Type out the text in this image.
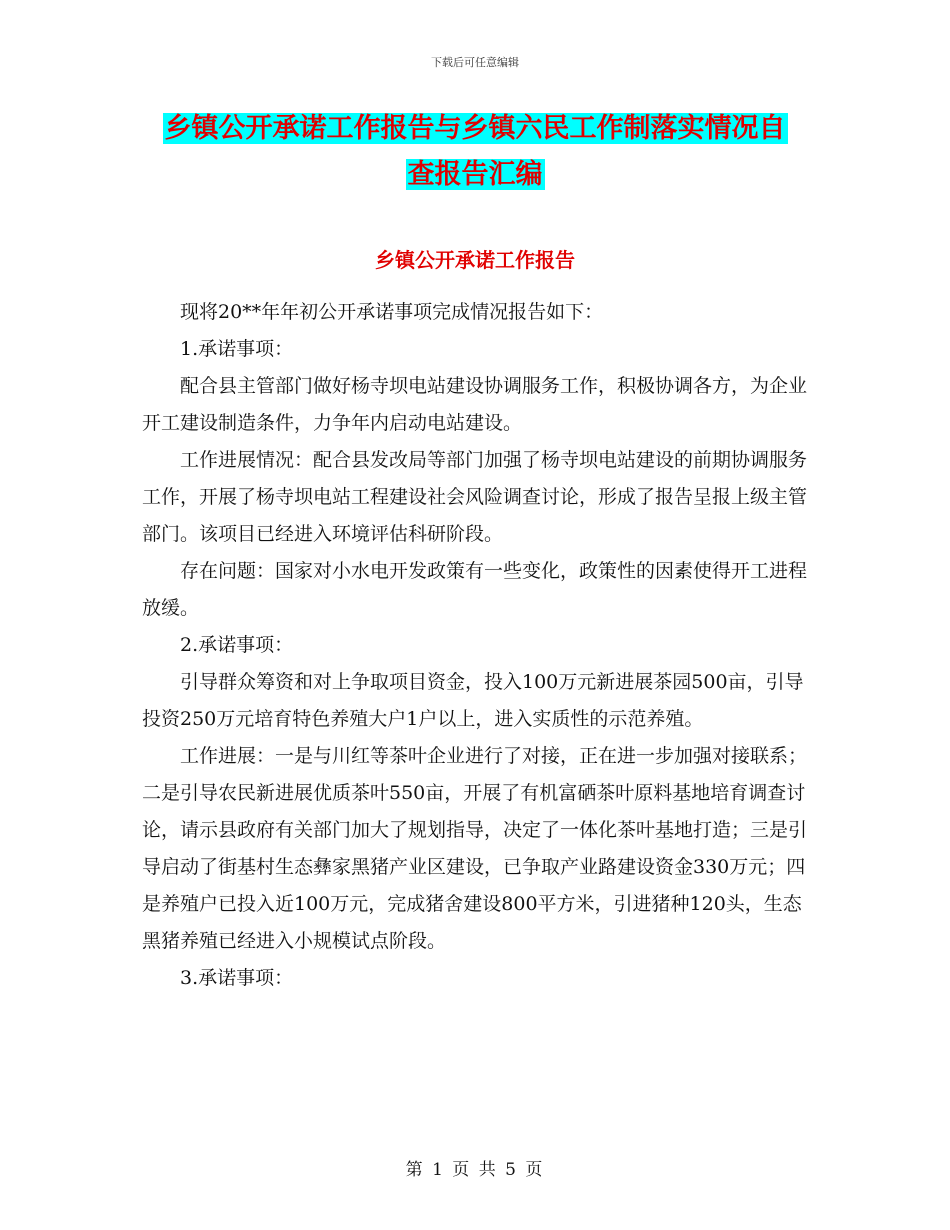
下载后可任意编辑
乡镇公开承诺工作报告与乡镇六民工作制落实情况自
查报告汇编
乡镇公开承诺工作报告

现将20**年年初公开承诺事项完成情况报告如下：

1.承诺事项：

配合县主管部门做好杨寺坝电站建设协调服务工作，积极协调各方，为企业开工建设制造条件，力争年内启动电站建设。

工作进展情况：配合县发改局等部门加强了杨寺坝电站建设的前期协调服务工作，开展了杨寺坝电站工程建设社会风险调查讨论，形成了报告呈报上级主管部门。该项目已经进入环境评估科研阶段。

存在问题：国家对小水电开发政策有一些变化，政策性的因素使得开工进程放缓。

2.承诺事项：

引导群众筹资和对上争取项目资金，投入100万元新进展茶园500亩，引导投资250万元培育特色养殖大户1户以上，进入实质性的示范养殖。

工作进展：一是与川红等茶叶企业进行了对接，正在进一步加强对接联系；二是引导农民新进展优质茶叶550亩，开展了有机富硒茶叶原料基地培育调查讨论，请示县政府有关部门加大了规划指导，决定了一体化茶叶基地打造；三是引导启动了街基村生态彝家黑猪产业区建设，已争取产业路建设资金330万元；四是养殖户已投入近100万元，完成猪舍建设800平方米，引进猪种120头，生态黑猪养殖已经进入小规模试点阶段。

3.承诺事项：

第 1 页 共 5 页
